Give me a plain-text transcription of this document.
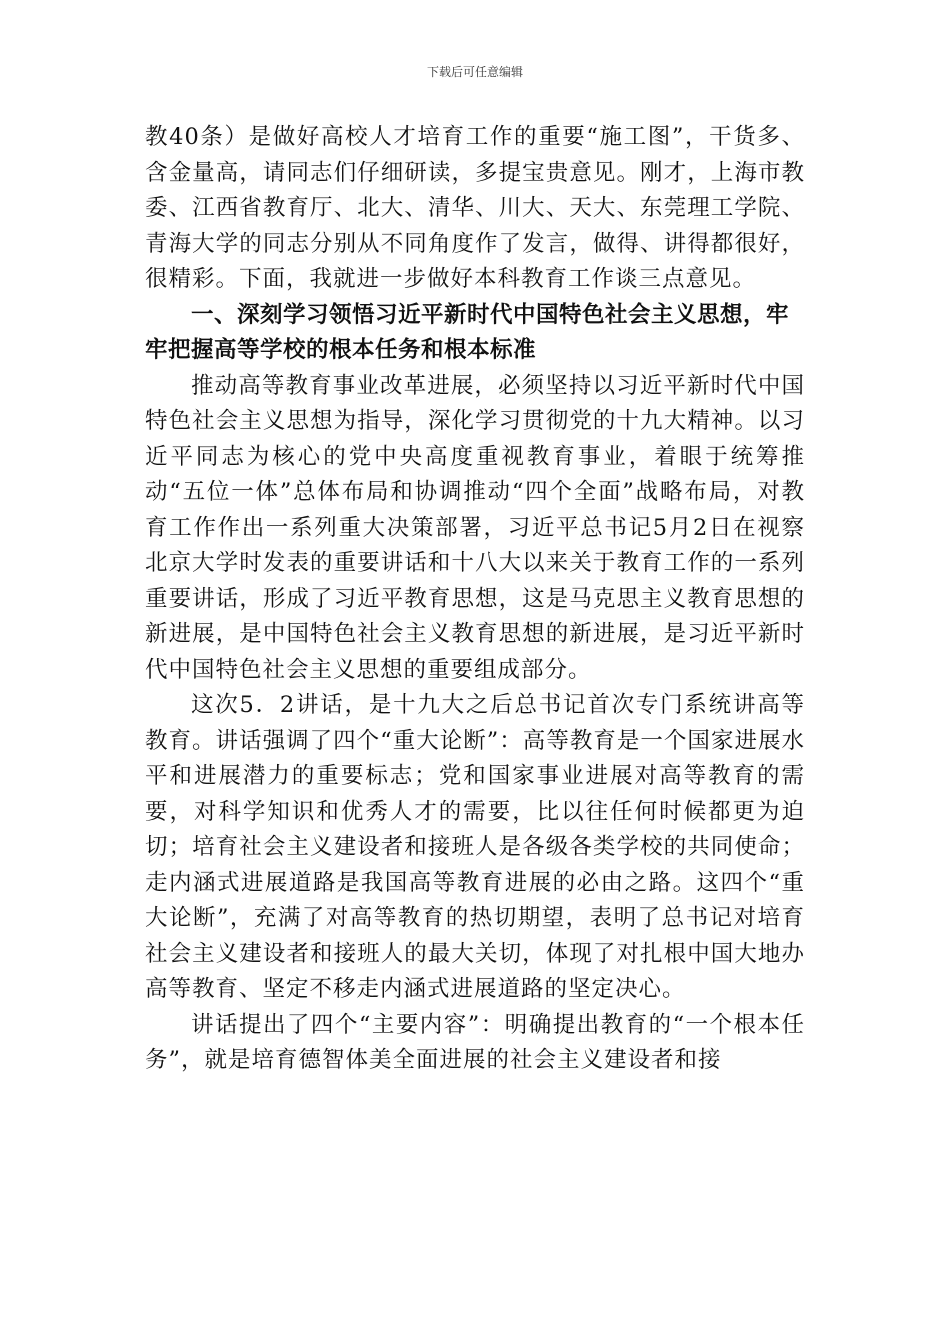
下载后可任意编辑

教40条）是做好高校人才培育工作的重要“施工图”，干货多、含金量高，请同志们仔细研读，多提宝贵意见。刚才，上海市教委、江西省教育厅、北大、清华、川大、天大、东莞理工学院、青海大学的同志分别从不同角度作了发言，做得、讲得都很好，很精彩。下面，我就进一步做好本科教育工作谈三点意见。

一、深刻学习领悟习近平新时代中国特色社会主义思想，牢牢把握高等学校的根本任务和根本标准

推动高等教育事业改革进展，必须坚持以习近平新时代中国特色社会主义思想为指导，深化学习贯彻党的十九大精神。以习近平同志为核心的党中央高度重视教育事业，着眼于统筹推动“五位一体”总体布局和协调推动“四个全面”战略布局，对教育工作作出一系列重大决策部署，习近平总书记5月2日在视察北京大学时发表的重要讲话和十八大以来关于教育工作的一系列重要讲话，形成了习近平教育思想，这是马克思主义教育思想的新进展，是中国特色社会主义教育思想的新进展，是习近平新时代中国特色社会主义思想的重要组成部分。

这次5．2讲话，是十九大之后总书记首次专门系统讲高等教育。讲话强调了四个“重大论断”：高等教育是一个国家进展水平和进展潜力的重要标志；党和国家事业进展对高等教育的需要，对科学知识和优秀人才的需要，比以往任何时候都更为迫切；培育社会主义建设者和接班人是各级各类学校的共同使命；走内涵式进展道路是我国高等教育进展的必由之路。这四个“重大论断”，充满了对高等教育的热切期望，表明了总书记对培育社会主义建设者和接班人的最大关切，体现了对扎根中国大地办高等教育、坚定不移走内涵式进展道路的坚定决心。

讲话提出了四个“主要内容”：明确提出教育的“一个根本任务”，就是培育德智体美全面进展的社会主义建设者和接
